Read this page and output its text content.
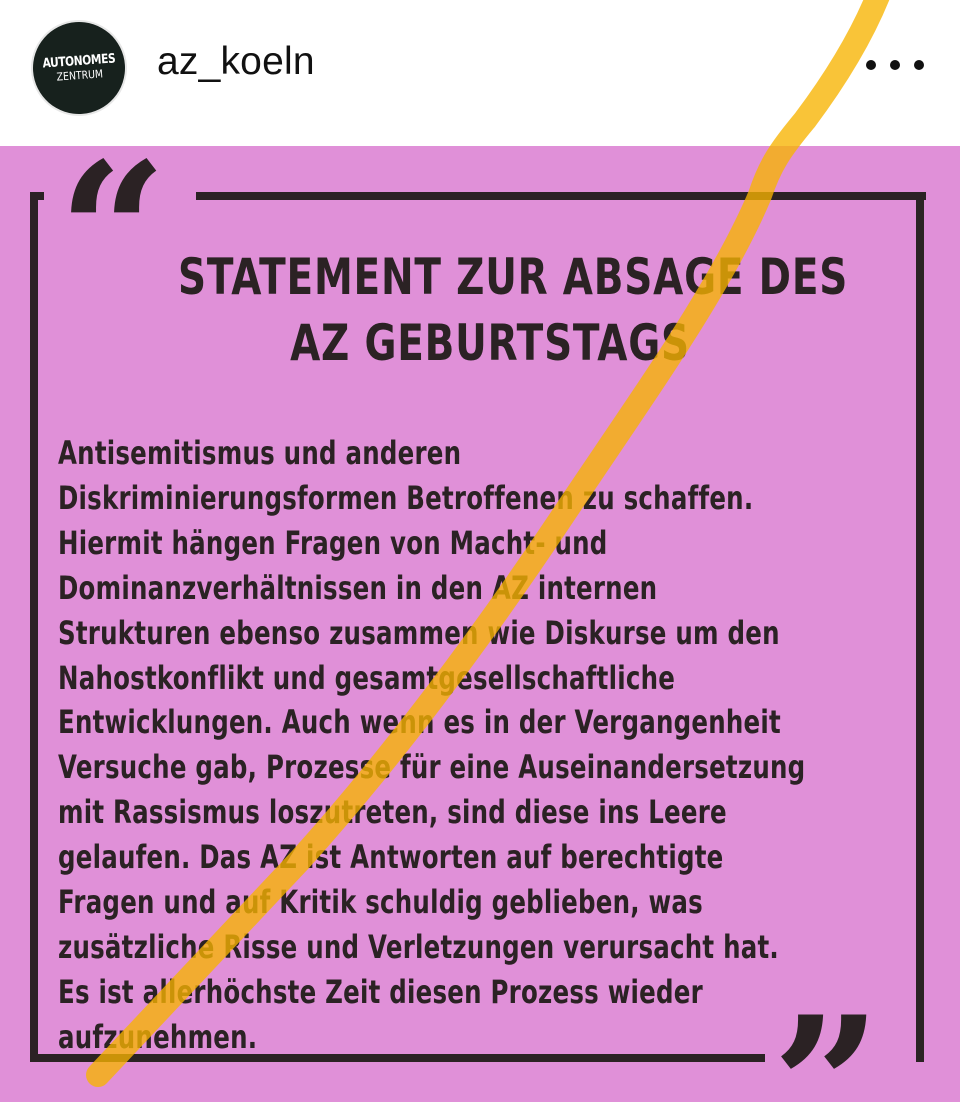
AUTONOMES
ZENTRUM az_koeln
“
”
STATEMENT ZUR ABSAGE DES
AZ GEBURTSTAGS
Antisemitismus und anderen
Diskriminierungsformen Betroffenen zu schaffen.
Hiermit hängen Fragen von Macht- und
Dominanzverhältnissen in den AZ internen
Strukturen ebenso zusammen wie Diskurse um den
Nahostkonflikt und gesamtgesellschaftliche
Entwicklungen. Auch wenn es in der Vergangenheit
Versuche gab, Prozesse für eine Auseinandersetzung
mit Rassismus loszutreten, sind diese ins Leere
gelaufen. Das AZ ist Antworten auf berechtigte
Fragen und auf Kritik schuldig geblieben, was
zusätzliche Risse und Verletzungen verursacht hat.
Es ist allerhöchste Zeit diesen Prozess wieder
aufzunehmen.
